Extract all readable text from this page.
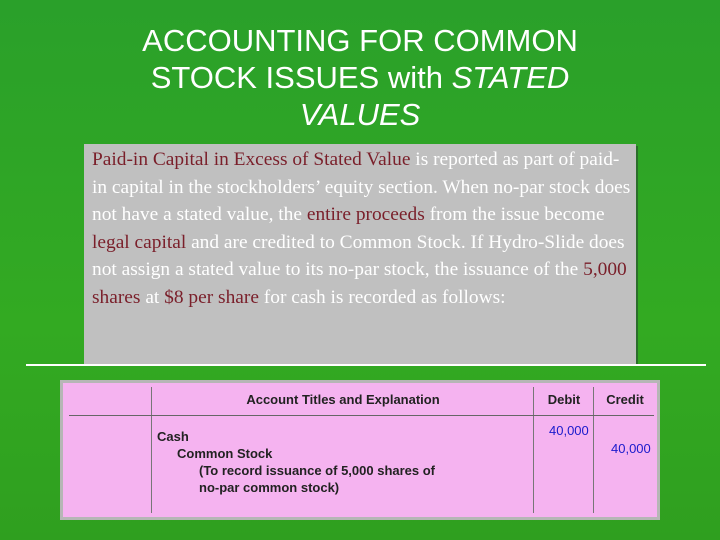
ACCOUNTING FOR COMMON
STOCK ISSUES with STATED
VALUES

Paid-in Capital in Excess of Stated Value is reported as part of paid-in capital in the stockholders’ equity section. When no-par stock does not have a stated value, the entire proceeds from the issue become legal capital and are credited to Common Stock. If Hydro-Slide does not assign a stated value to its no-par stock, the issuance of the 5,000 shares at $8 per share for cash is recorded as follows:

Account Titles and Explanation	Debit	Credit
Cash
Common Stock
(To record issuance of 5,000 shares of
no-par common stock)
40,000
40,000
